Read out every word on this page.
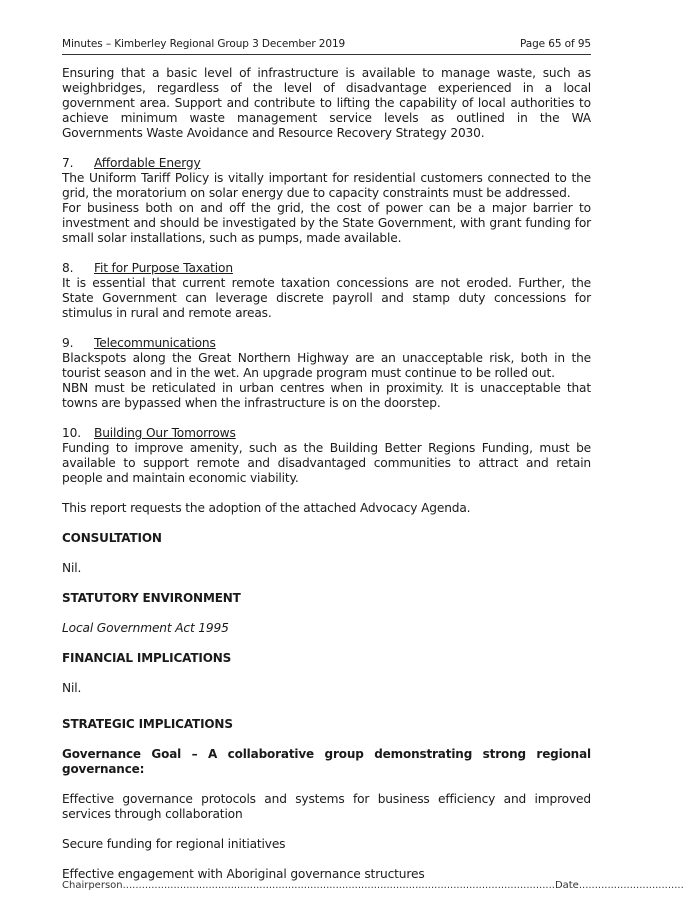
Minutes – Kimberley Regional Group 3 December 2019	Page 65 of 95

Ensuring that a basic level of infrastructure is available to manage waste, such as weighbridges, regardless of the level of disadvantage experienced in a local government area. Support and contribute to lifting the capability of local authorities to achieve minimum waste management service levels as outlined in the WA Governments Waste Avoidance and Resource Recovery Strategy 2030.

7. Affordable Energy

The Uniform Tariff Policy is vitally important for residential customers connected to the grid, the moratorium on solar energy due to capacity constraints must be addressed.

For business both on and off the grid, the cost of power can be a major barrier to investment and should be investigated by the State Government, with grant funding for small solar installations, such as pumps, made available.

8. Fit for Purpose Taxation

It is essential that current remote taxation concessions are not eroded. Further, the State Government can leverage discrete payroll and stamp duty concessions for stimulus in rural and remote areas.

9. Telecommunications

Blackspots along the Great Northern Highway are an unacceptable risk, both in the tourist season and in the wet. An upgrade program must continue to be rolled out.

NBN must be reticulated in urban centres when in proximity. It is unacceptable that towns are bypassed when the infrastructure is on the doorstep.

10. Building Our Tomorrows

Funding to improve amenity, such as the Building Better Regions Funding, must be available to support remote and disadvantaged communities to attract and retain people and maintain economic viability.

This report requests the adoption of the attached Advocacy Agenda.

CONSULTATION

Nil.

STATUTORY ENVIRONMENT

Local Government Act 1995

FINANCIAL IMPLICATIONS

Nil.

STRATEGIC IMPLICATIONS

Governance Goal – A collaborative group demonstrating strong regional governance:

Effective governance protocols and systems for business efficiency and improved services through collaboration

Secure funding for regional initiatives

Effective engagement with Aboriginal governance structures

Chairperson........................................................................................................................................Date.................................
